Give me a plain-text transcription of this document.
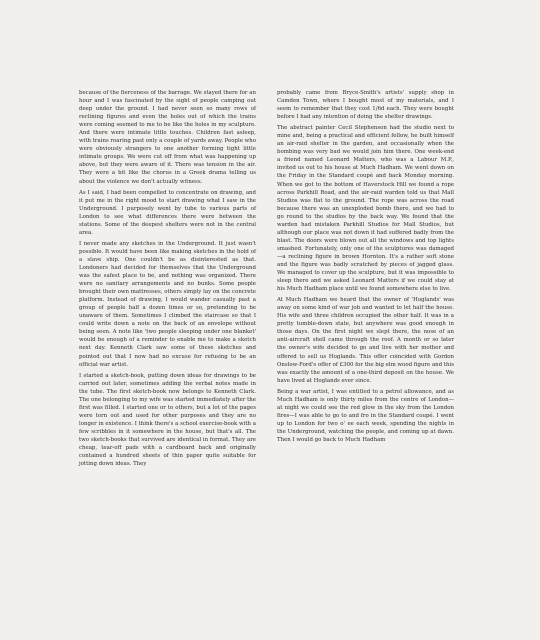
because of the fierceness of the barrage. We stayed there for an hour and I was fascinated by the sight of people camping out deep under the ground. I had never seen so many rows of reclining figures and even the holes out of which the trains were coming seemed to me to be like the holes in my sculpture. And there were intimate little touches. Children fast asleep, with trains roaring past only a couple of yards away. People who were obviously strangers to one another forming tight little intimate groups. We were cut off from what was happening up above, but they were aware of it. There was tension in the air. They were a bit like the chorus in a Greek drama telling us about the violence we don't actually witness.

As I said, I had been compelled to concentrate on drawing, and it put me in the right mood to start drawing what I saw in the Underground. I purposely went by tube to various parts of London to see what differences there were between the stations. Some of the deepest shelters were not in the central area.

I never made any sketches in the Underground. It just wasn't possible. It would have been like making sketches in the hold of a slave ship. One couldn't be as disinterested as that. Londoners had decided for themselves that the Underground was the safest place to be, and nothing was organized. There were no sanitary arrangements and no bunks. Some people brought their own mattresses, others simply lay on the concrete platform. Instead of drawing, I would wander casually past a group of people half a dozen times or so, pretending to be unaware of them. Sometimes I climbed the staircase so that I could write down a note on the back of an envelope without being seen. A note like 'two people sleeping under one blanket' would be enough of a reminder to enable me to make a sketch next day. Kenneth Clark saw some of these sketches and pointed out that I now had no excuse for refusing to be an official war artist.

I started a sketch-book, putting down ideas for drawings to be carried out later, sometimes adding the verbal notes made in the tube. The first sketch-book now belongs to Kenneth Clark. The one belonging to my wife was started immediately after the first was filled. I started one or to others, but a lot of the pages were torn out and used for other purposes and they are no longer in existence. I think there's a school exercise-book with a few scribbles in it somewhere in the house, but that's all. The two sketch-books that survived are identical in format. They are cheap, tear-off pads with a cardboard back and originally contained a hundred sheets of thin paper quite suitable for jotting down ideas. They

probably came from Bryce-Smith's artists' supply shop in Camden Town, where I bought most of my materials, and I seem to remember that they cost 1/6d each. They were bought before I had any intention of doing the shelter drawings.

The abstract painter Cecil Stephenson had the studio next to mine and, being a practical and efficient fellow, he built himself an air-raid shelter in the garden, and occasionally when the bombing was very bad we would join him there. One week-end a friend named Leonard Matters, who was a Labour M.P., invited us out to his house at Much Hadham. We went down on the Friday in the Standard coupé and back Monday morning. When we got to the bottom of Haverstock Hill we found a rope across Parkhill Road, and the air-raid warden told us that Mall Studios was flat to the ground. The rope was across the road because there was an unexploded bomb there, and we had to go round to the studios by the back way. We found that the warden had mistaken Parkhill Studios for Mall Studios, but although our place was not down it had suffered badly from the blast. The doors were blown out all the windows and top lights smashed. Fortunately, only one of the sculptures was damaged—a reclining figure in brown Hornton. It's a rather soft stone and the figure was badly scratched by pieces of jagged glass. We managed to cover up the sculpture, but it was impossible to sleep there and we asked Leonard Matters if we could stay at his Much Hadham place until we found somewhere else to live.

At Much Hadham we heard that the owner of 'Hoglands' was away on some kind of war job and wanted to let half the house. His wife and three children occupied the other half. It was in a pretty tumble-down state, but anywhere was good enough in those days. On the first night we slept there, the nose of an anti-aircraft shell came through the roof. A month or so later the owner's wife decided to go and live with her mother and offered to sell us Hoglands. This offer coincided with Gordon Onslow-Ford's offer of £300 for the big elm wood figure and this was exactly the amount of a one-third deposit on the house. We have lived at Hoglands ever since.

Being a war artist, I was entitled to a petrol allowance, and as Much Hadham is only thirty miles from the centre of London—at night we could see the red glow in the sky from the London fires—I was able to go to and fro in the Standard coupé. I went up to London for two o' ee each week, spending the nights in the Underground, watching the people, and coming up at dawn. Then I would go back to Much Hadham
